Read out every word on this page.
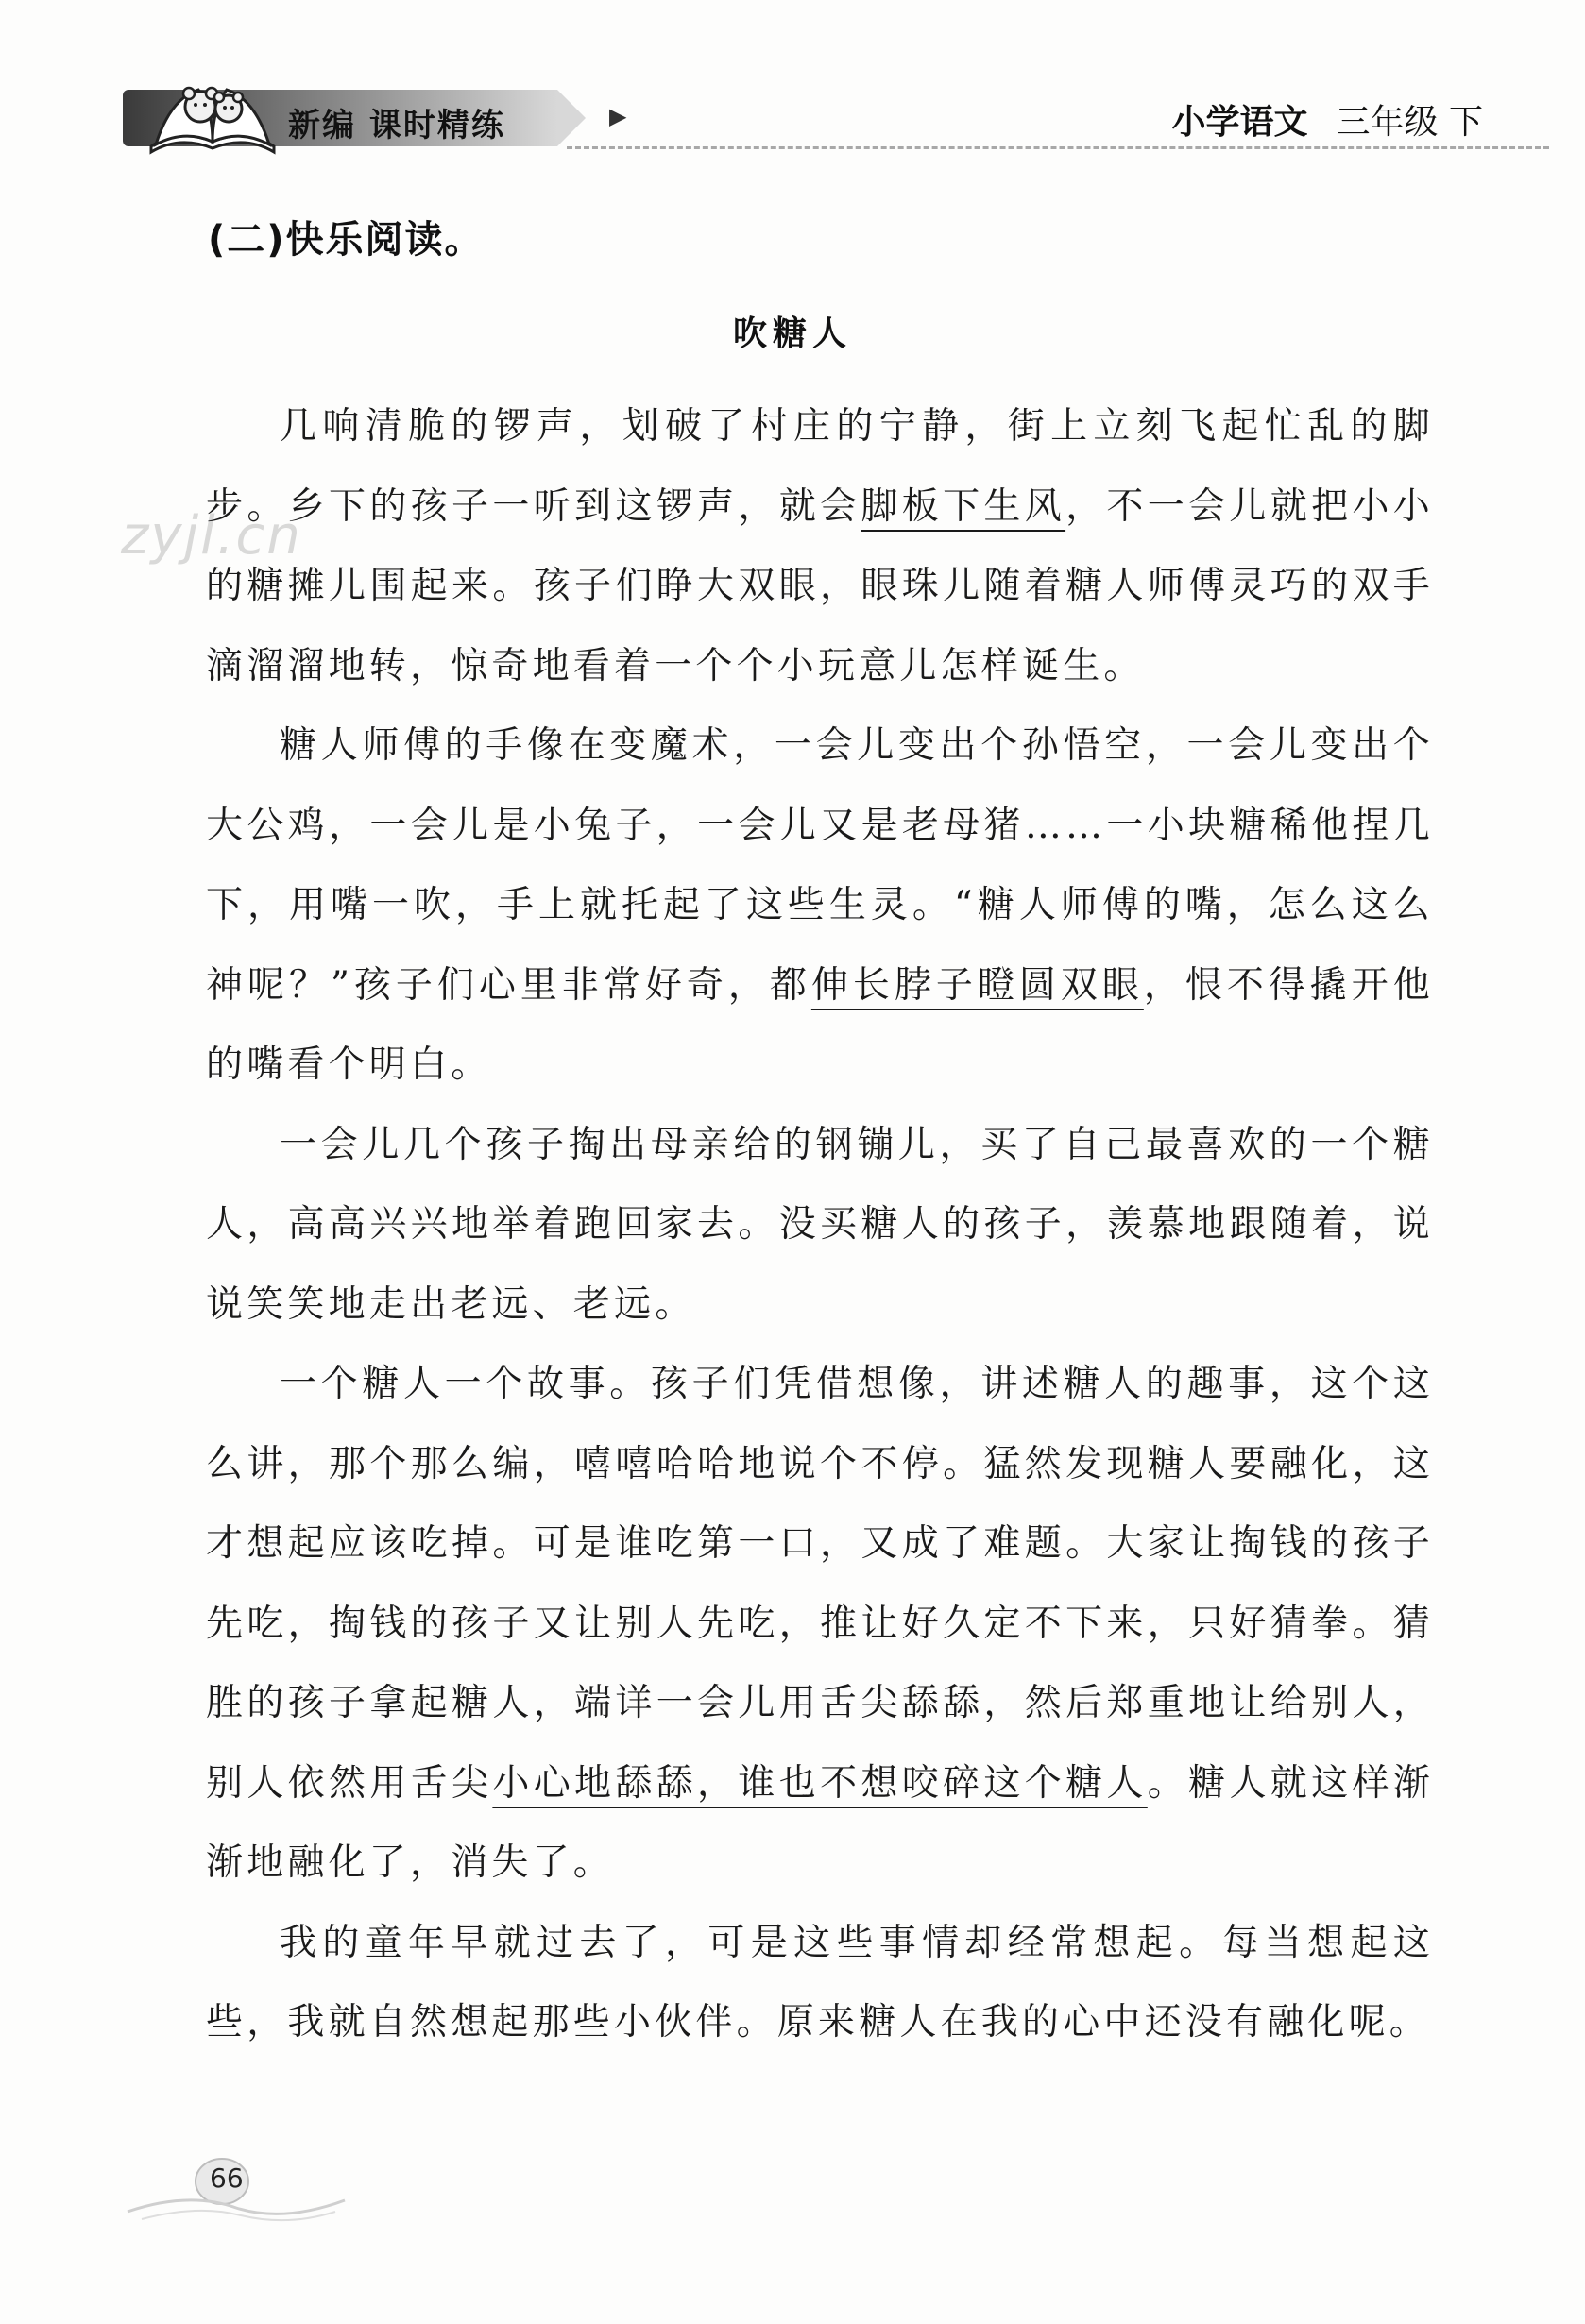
新编 课时精练	▶	小学语文 三年级 下
zyjl.cn
(二)快乐阅读。
吹糖人

几响清脆的锣声，划破了村庄的宁静，街上立刻飞起忙乱的脚步。乡下的孩子一听到这锣声，就会脚板下生风，不一会儿就把小小的糖摊儿围起来。孩子们睁大双眼，眼珠儿随着糖人师傅灵巧的双手滴溜溜地转，惊奇地看着一个个小玩意儿怎样诞生。

糖人师傅的手像在变魔术，一会儿变出个孙悟空，一会儿变出个大公鸡，一会儿是小兔子，一会儿又是老母猪……一小块糖稀他捏几下，用嘴一吹，手上就托起了这些生灵。“糖人师傅的嘴，怎么这么神呢？”孩子们心里非常好奇，都伸长脖子瞪圆双眼，恨不得撬开他的嘴看个明白。

一会儿几个孩子掏出母亲给的钢镚儿，买了自己最喜欢的一个糖人，高高兴兴地举着跑回家去。没买糖人的孩子，羡慕地跟随着，说说笑笑地走出老远、老远。

一个糖人一个故事。孩子们凭借想像，讲述糖人的趣事，这个这么讲，那个那么编，嘻嘻哈哈地说个不停。猛然发现糖人要融化，这才想起应该吃掉。可是谁吃第一口，又成了难题。大家让掏钱的孩子先吃，掏钱的孩子又让别人先吃，推让好久定不下来，只好猜拳。猜胜的孩子拿起糖人，端详一会儿用舌尖舔舔，然后郑重地让给别人，别人依然用舌尖小心地舔舔，谁也不想咬碎这个糖人。糖人就这样渐渐地融化了，消失了。

我的童年早就过去了，可是这些事情却经常想起。每当想起这些，我就自然想起那些小伙伴。原来糖人在我的心中还没有融化呢。

66
